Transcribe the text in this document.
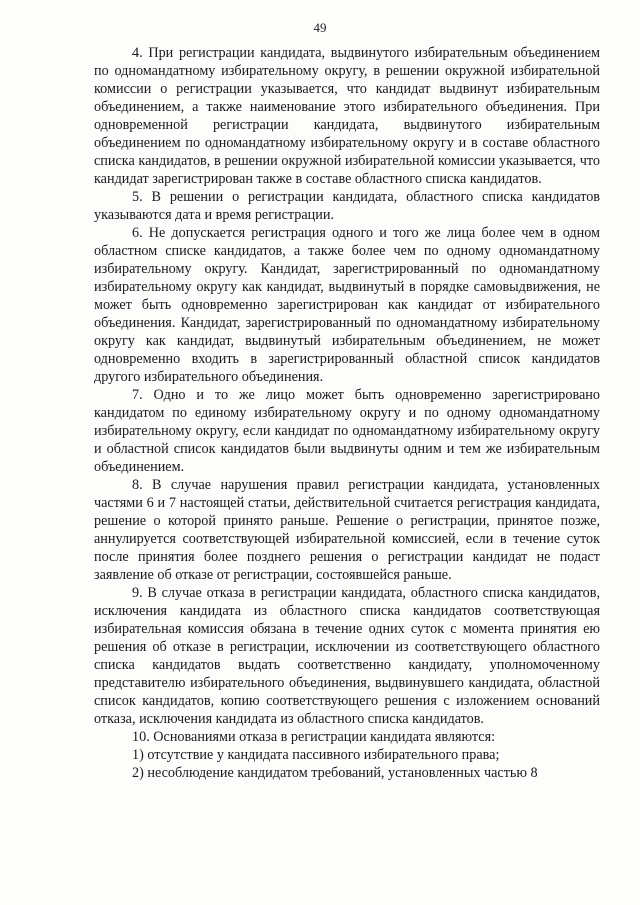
49

4. При регистрации кандидата, выдвинутого избирательным объединением по одномандатному избирательному округу, в решении окружной избирательной комиссии о регистрации указывается, что кандидат выдвинут избирательным объединением, а также наименование этого избирательного объединения. При одновременной регистрации кандидата, выдвинутого избирательным объединением по одномандатному избирательному округу и в составе областного списка кандидатов, в решении окружной избирательной комиссии указывается, что кандидат зарегистрирован также в составе областного списка кандидатов.

5. В решении о регистрации кандидата, областного списка кандидатов указываются дата и время регистрации.

6. Не допускается регистрация одного и того же лица более чем в одном областном списке кандидатов, а также более чем по одному одномандатному избирательному округу. Кандидат, зарегистрированный по одномандатному избирательному округу как кандидат, выдвинутый в порядке самовыдвижения, не может быть одновременно зарегистрирован как кандидат от избирательного объединения. Кандидат, зарегистрированный по одномандатному избирательному округу как кандидат, выдвинутый избирательным объединением, не может одновременно входить в зарегистрированный областной список кандидатов другого избирательного объединения.

7. Одно и то же лицо может быть одновременно зарегистрировано кандидатом по единому избирательному округу и по одному одномандатному избирательному округу, если кандидат по одномандатному избирательному округу и областной список кандидатов были выдвинуты одним и тем же избирательным объединением.

8. В случае нарушения правил регистрации кандидата, установленных частями 6 и 7 настоящей статьи, действительной считается регистрация кандидата, решение о которой принято раньше. Решение о регистрации, принятое позже, аннулируется соответствующей избирательной комиссией, если в течение суток после принятия более позднего решения о регистрации кандидат не подаст заявление об отказе от регистрации, состоявшейся раньше.

9. В случае отказа в регистрации кандидата, областного списка кандидатов, исключения кандидата из областного списка кандидатов соответствующая избирательная комиссия обязана в течение одних суток с момента принятия ею решения об отказе в регистрации, исключении из соответствующего областного списка кандидатов выдать соответственно кандидату, уполномоченному представителю избирательного объединения, выдвинувшего кандидата, областной список кандидатов, копию соответствующего решения с изложением оснований отказа, исключения кандидата из областного списка кандидатов.

10. Основаниями отказа в регистрации кандидата являются:

1) отсутствие у кандидата пассивного избирательного права;

2) несоблюдение кандидатом требований, установленных частью 8
